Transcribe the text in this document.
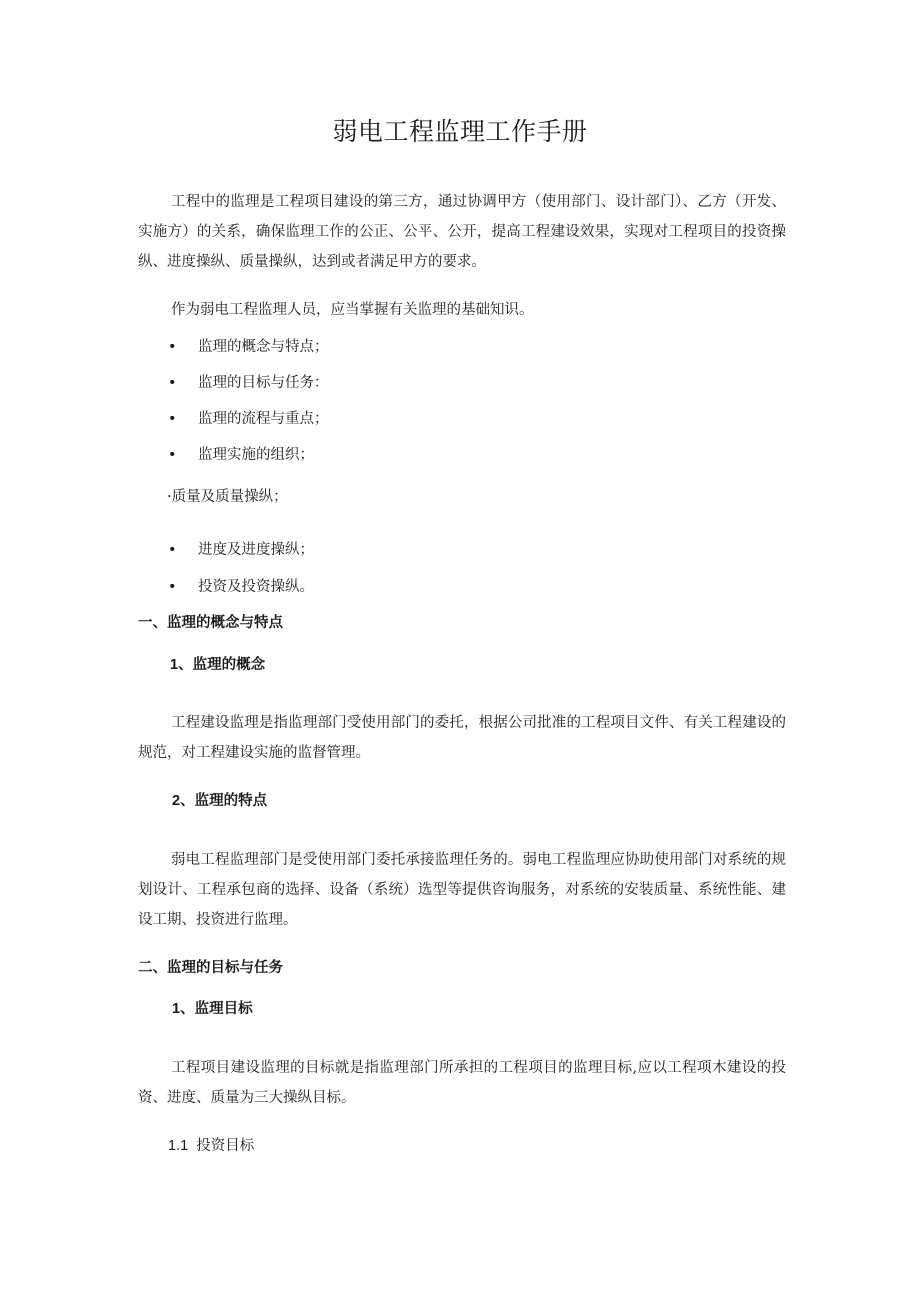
弱电工程监理工作手册
工程中的监理是工程项目建设的第三方，通过协调甲方（使用部门、设计部门）、乙方（开发、实施方）的关系，确保监理工作的公正、公平、公开，提高工程建设效果，实现对工程项目的投资操纵、进度操纵、质量操纵，达到或者满足甲方的要求。
作为弱电工程监理人员，应当掌握有关监理的基础知识。
• 监理的概念与特点；
• 监理的目标与任务：
• 监理的流程与重点；
• 监理实施的组织；
·质量及质量操纵；
• 进度及进度操纵；
• 投资及投资操纵。
一、监理的概念与特点
1、监理的概念
工程建设监理是指监理部门受使用部门的委托，根据公司批准的工程项目文件、有关工程建设的规范，对工程建设实施的监督管理。
2、监理的特点
弱电工程监理部门是受使用部门委托承接监理任务的。弱电工程监理应协助使用部门对系统的规划设计、工程承包商的选择、设备（系统）选型等提供咨询服务，对系统的安装质量、系统性能、建设工期、投资进行监理。
二、监理的目标与任务
1、监理目标
工程项目建设监理的目标就是指监理部门所承担的工程项目的监理目标,应以工程项木建设的投资、进度、质量为三大操纵目标。
1.1  投资目标
